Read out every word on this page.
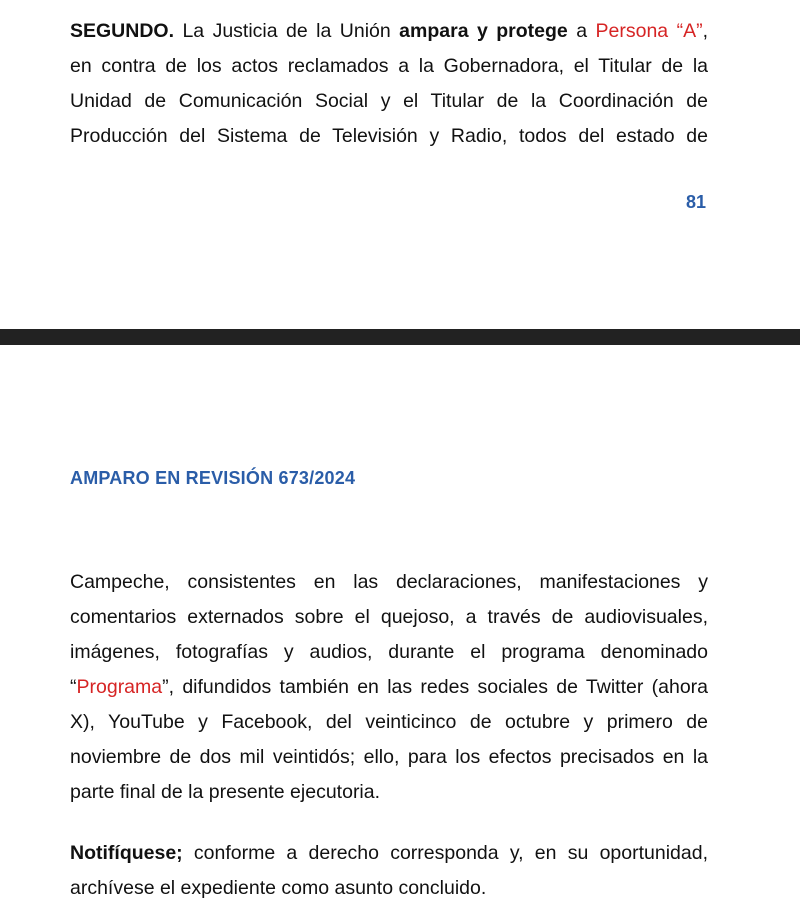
SEGUNDO. La Justicia de la Unión ampara y protege a Persona “A”,
en contra de los actos reclamados a la Gobernadora, el Titular de la
Unidad de Comunicación Social y el Titular de la Coordinación de
Producción del Sistema de Televisión y Radio, todos del estado de
81
AMPARO EN REVISIÓN 673/2024
Campeche, consistentes en las declaraciones, manifestaciones y
comentarios externados sobre el quejoso, a través de audiovisuales,
imágenes, fotografías y audios, durante el programa denominado
“Programa”, difundidos también en las redes sociales de Twitter (ahora
X), YouTube y Facebook, del veinticinco de octubre y primero de
noviembre de dos mil veintidós; ello, para los efectos precisados en la
parte final de la presente ejecutoria.
Notifíquese; conforme a derecho corresponda y, en su oportunidad,
archívese el expediente como asunto concluido.
